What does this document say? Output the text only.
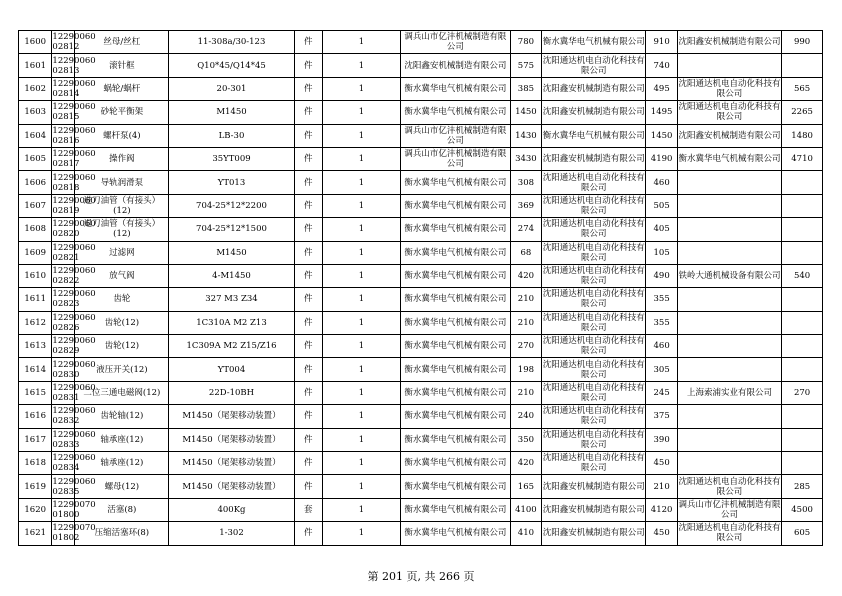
1600	12290060 02812	丝母/丝杠	11-308a/30-123	件	1	调兵山市亿沣机械制造有限公司	780	衡水冀华电气机械有限公司	910	沈阳鑫安机械制造有限公司	990
1601	12290060 02813	滚针框	Q10*45/Q14*45	件	1	沈阳鑫安机械制造有限公司	575	沈阳通达机电自动化科技有限公司	740		
1602	12290060 02814	蜗轮/蜗杆	20-301	件	1	衡水冀华电气机械有限公司	385	沈阳鑫安机械制造有限公司	495	沈阳通达机电自动化科技有限公司	565
1603	12290060 02815	砂轮平衡架	M1450	件	1	衡水冀华电气机械有限公司	1450	沈阳鑫安机械制造有限公司	1495	沈阳通达机电自动化科技有限公司	2265
1604	12290060 02816	螺杆泵(4)	LB-30	件	1	调兵山市亿沣机械制造有限公司	1430	衡水冀华电气机械有限公司	1450	沈阳鑫安机械制造有限公司	1480
1605	12290060 02817	操作阀	35YT009	件	1	调兵山市亿沣机械制造有限公司	3430	沈阳鑫安机械制造有限公司	4190	衡水冀华电气机械有限公司	4710
1606	12290060 02818	导轨润滑泵	YT013	件	1	衡水冀华电气机械有限公司	308	沈阳通达机电自动化科技有限公司	460		
1607	12290060 02819	进刀油管（有接头）(12)	704-25*12*2200	件	1	衡水冀华电气机械有限公司	369	沈阳通达机电自动化科技有限公司	505		
1608	12290060 02820	退刀油管（有接头）(12)	704-25*12*1500	件	1	衡水冀华电气机械有限公司	274	沈阳通达机电自动化科技有限公司	405		
1609	12290060 02821	过滤网	M1450	件	1	衡水冀华电气机械有限公司	68	沈阳通达机电自动化科技有限公司	105		
1610	12290060 02822	放气阀	4-M1450	件	1	衡水冀华电气机械有限公司	420	沈阳通达机电自动化科技有限公司	490	铁岭大通机械设备有限公司	540
1611	12290060 02823	齿轮	327 M3 Z34	件	1	衡水冀华电气机械有限公司	210	沈阳通达机电自动化科技有限公司	355		
1612	12290060 02826	齿轮(12)	1C310A M2 Z13	件	1	衡水冀华电气机械有限公司	210	沈阳通达机电自动化科技有限公司	355		
1613	12290060 02829	齿轮(12)	1C309A M2 Z15/Z16	件	1	衡水冀华电气机械有限公司	270	沈阳通达机电自动化科技有限公司	460		
1614	12290060 02830	液压开关(12)	YT004	件	1	衡水冀华电气机械有限公司	198	沈阳通达机电自动化科技有限公司	305		
1615	12290060 02831	二位三通电磁阀(12)	22D-10BH	件	1	衡水冀华电气机械有限公司	210	沈阳通达机电自动化科技有限公司	245	上海索浦实业有限公司	270
1616	12290060 02832	齿轮轴(12)	M1450（尾架移动装置）	件	1	衡水冀华电气机械有限公司	240	沈阳通达机电自动化科技有限公司	375		
1617	12290060 02833	轴承座(12)	M1450（尾架移动装置）	件	1	衡水冀华电气机械有限公司	350	沈阳通达机电自动化科技有限公司	390		
1618	12290060 02834	轴承座(12)	M1450（尾架移动装置）	件	1	衡水冀华电气机械有限公司	420	沈阳通达机电自动化科技有限公司	450		
1619	12290060 02835	螺母(12)	M1450（尾架移动装置）	件	1	衡水冀华电气机械有限公司	165	沈阳鑫安机械制造有限公司	210	沈阳通达机电自动化科技有限公司	285
1620	12290070 01800	活塞(8)	400Kg	套	1	衡水冀华电气机械有限公司	4100	沈阳鑫安机械制造有限公司	4120	调兵山市亿沣机械制造有限公司	4500
1621	12290070 01802	压缩活塞环(8)	1-302	件	1	衡水冀华电气机械有限公司	410	沈阳鑫安机械制造有限公司	450	沈阳通达机电自动化科技有限公司	605
第 201 页, 共 266 页
